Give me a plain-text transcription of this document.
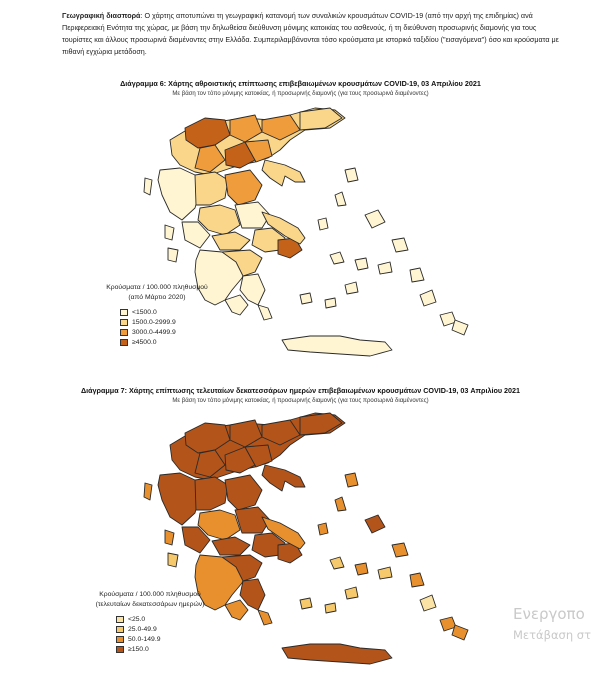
Γεωγραφική διασπορά: Ο χάρτης αποτυπώνει τη γεωγραφική κατανομή των συναλικών κρουσμάτων COVID-19 (από την αρχή της επιδημίας) ανά Περιφερειακή Ενότητα της χώρας, με βάση την δηλωθείσα διεύθυνση μόνιμης κατοικίας του ασθενούς, ή τη διεύθυνση προσωρινής διαμονής για τους τουρίστες και άλλους προσωρινά διαμένοντες στην Ελλάδα. Συμπεριλαμβάνονται τόσο κρούσματα με ιστορικό ταξιδίου ("εισαγόμενα") όσο και κρούσματα με πιθανή εγχώρια μετάδοση.
Διάγραμμα 6: Χάρτης αθροιστικής επίπτωσης επιβεβαιωμένων κρουσμάτων COVID-19, 03 Απριλίου 2021
Με βάση τον τόπο μόνιμης κατοικίας, ή προσωρινής διαμονής (για τους προσωρινά διαμένοντες)
Κρούσματα / 100.000 πληθυσμού
(από Μάρτιο 2020)
<1500.0
1500.0-2999.9
3000.0-4499.9
≥4500.0
Διάγραμμα 7: Χάρτης επίπτωσης τελευταίων δεκατεσσάρων ημερών επιβεβαιωμένων κρουσμάτων COVID-19, 03 Απριλίου 2021
Με βάση τον τόπο μόνιμης κατοικίας, ή προσωρινής διαμονής (για τους προσωρινά διαμένοντες)
Κρούσματα / 100.000 πληθυσμού
(τελευταίων δεκατεσσάρων ημερών)
<25.0
25.0-49.9
50.0-149.9
≥150.0
Ενεργοπο
Μετάβαση στ
